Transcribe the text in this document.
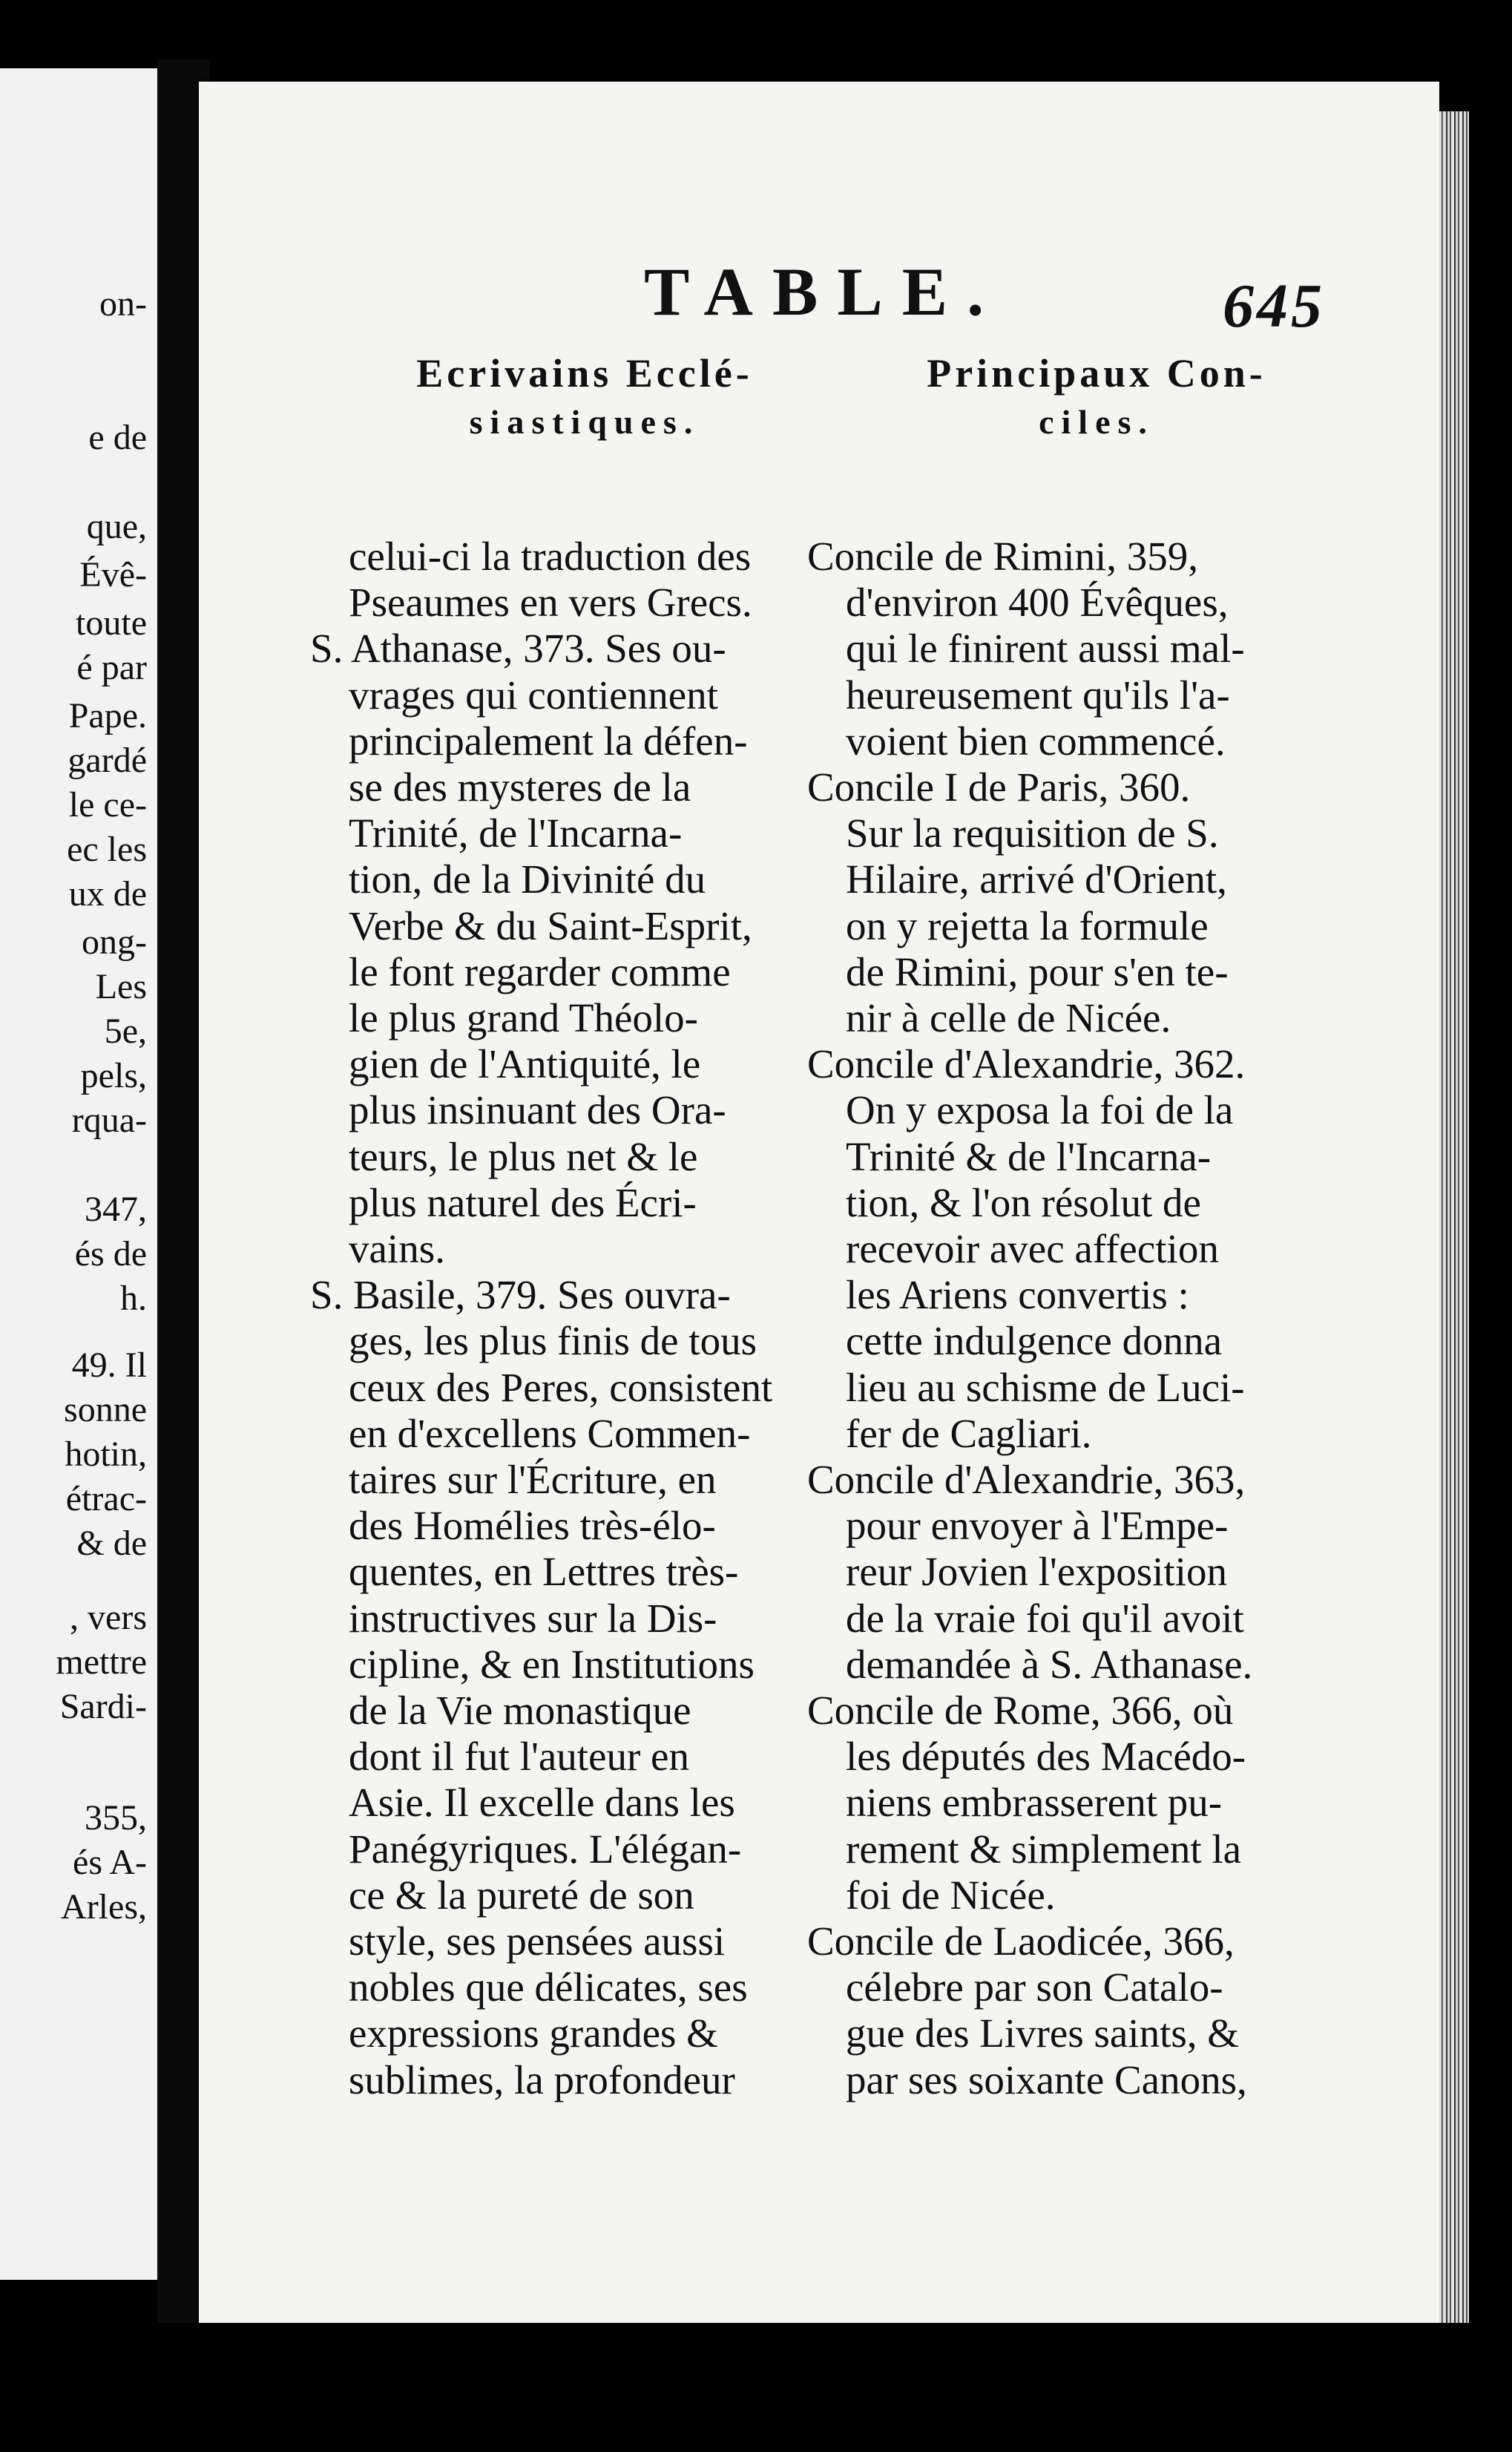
on-
e de
que,
Évê-
toute
é par
Pape.
gardé
le ce-
ec les
ux de
ong-
Les
5e,
pels,
rqua-
347,
és de
h.
49. Il
sonne
hotin,
étrac-
& de
, vers
mettre
Sardi-
355,
és A-
Arles,
TABLE.	645
Ecrivains Ecclé-
siastiques.
celui-ci la traduction des
Pseaumes en vers Grecs.
S. Athanase, 373. Ses ou-
vrages qui contiennent
principalement la défen-
se des mysteres de la
Trinité, de l'Incarna-
tion, de la Divinité du
Verbe & du Saint-Esprit,
le font regarder comme
le plus grand Théolo-
gien de l'Antiquité, le
plus insinuant des Ora-
teurs, le plus net & le
plus naturel des Écri-
vains.
S. Basile, 379. Ses ouvra-
ges, les plus finis de tous
ceux des Peres, consistent
en d'excellens Commen-
taires sur l'Écriture, en
des Homélies très-élo-
quentes, en Lettres très-
instructives sur la Dis-
cipline, & en Institutions
de la Vie monastique
dont il fut l'auteur en
Asie. Il excelle dans les
Panégyriques. L'élégan-
ce & la pureté de son
style, ses pensées aussi
nobles que délicates, ses
expressions grandes &
sublimes, la profondeur
Principaux Con-
ciles.
Concile de Rimini, 359,
d'environ 400 Évêques,
qui le finirent aussi mal-
heureusement qu'ils l'a-
voient bien commencé.
Concile I de Paris, 360.
Sur la requisition de S.
Hilaire, arrivé d'Orient,
on y rejetta la formule
de Rimini, pour s'en te-
nir à celle de Nicée.
Concile d'Alexandrie, 362.
On y exposa la foi de la
Trinité & de l'Incarna-
tion, & l'on résolut de
recevoir avec affection
les Ariens convertis :
cette indulgence donna
lieu au schisme de Luci-
fer de Cagliari.
Concile d'Alexandrie, 363,
pour envoyer à l'Empe-
reur Jovien l'exposition
de la vraie foi qu'il avoit
demandée à S. Athanase.
Concile de Rome, 366, où
les députés des Macédo-
niens embrasserent pu-
rement & simplement la
foi de Nicée.
Concile de Laodicée, 366,
célebre par son Catalo-
gue des Livres saints, &
par ses soixante Canons,
